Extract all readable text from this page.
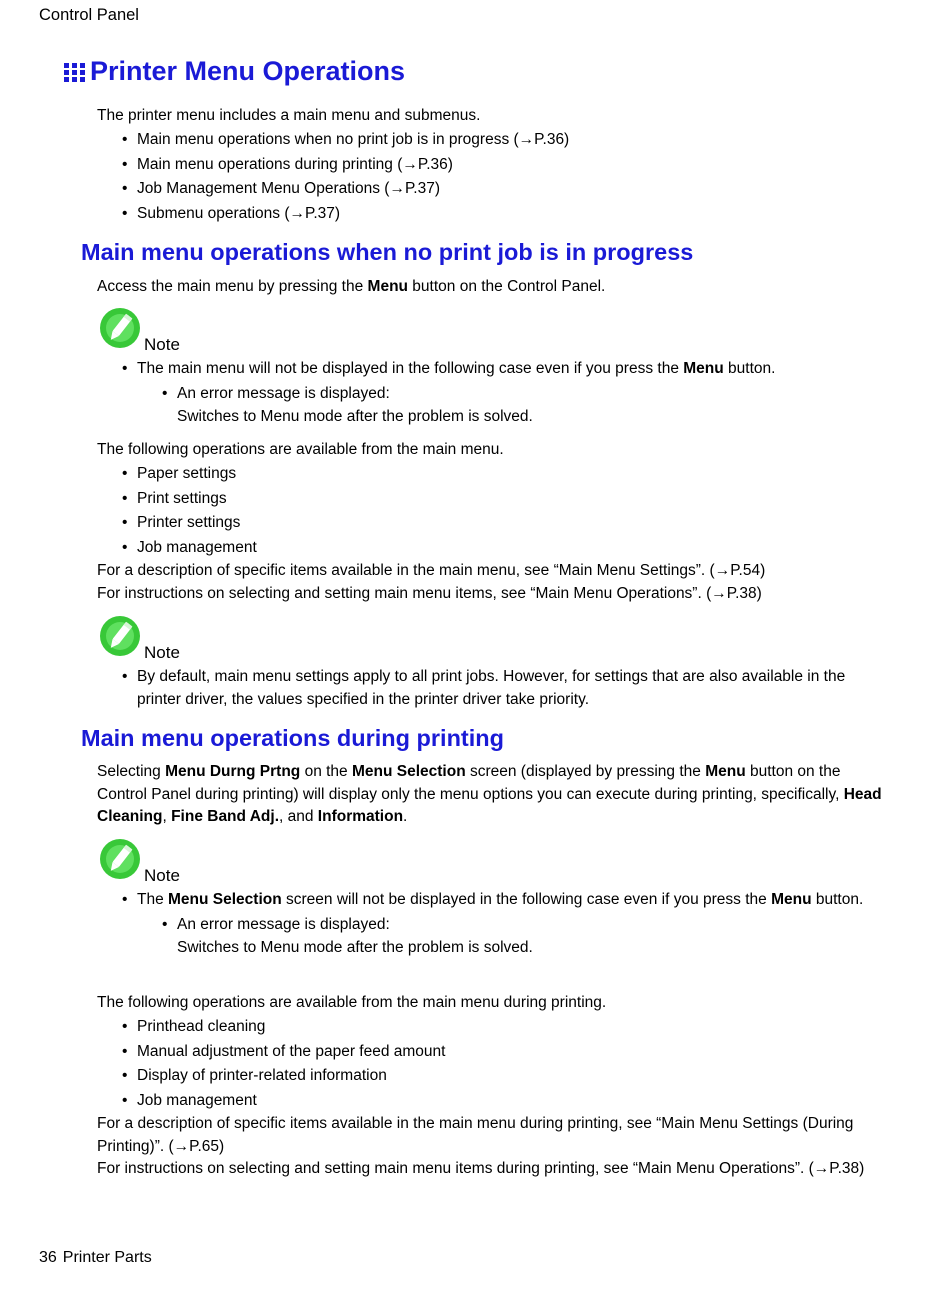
Control Panel
Printer Menu Operations

The printer menu includes a main menu and submenus.

• Main menu operations when no print job is in progress (→P.36)
• Main menu operations during printing (→P.36)
• Job Management Menu Operations (→P.37)
• Submenu operations (→P.37)
Main menu operations when no print job is in progress

Access the main menu by pressing the Menu button on the Control Panel.

Note
• The main menu will not be displayed in the following case even if you press the Menu button.
• An error message is displayed:
Switches to Menu mode after the problem is solved.

The following operations are available from the main menu.

• Paper settings
• Print settings
• Printer settings
• Job management

For a description of specific items available in the main menu, see “Main Menu Settings”. (→P.54)

For instructions on selecting and setting main menu items, see “Main Menu Operations”. (→P.38)

Note
• By default, main menu settings apply to all print jobs. However, for settings that are also available in the printer driver, the values specified in the printer driver take priority.
Main menu operations during printing

Selecting Menu Durng Prtng on the Menu Selection screen (displayed by pressing the Menu button on the Control Panel during printing) will display only the menu options you can execute during printing, specifically, Head Cleaning, Fine Band Adj., and Information.

Note
• The Menu Selection screen will not be displayed in the following case even if you press the Menu button.
• An error message is displayed:
Switches to Menu mode after the problem is solved.

The following operations are available from the main menu during printing.

• Printhead cleaning
• Manual adjustment of the paper feed amount
• Display of printer-related information
• Job management

For a description of specific items available in the main menu during printing, see “Main Menu Settings (During Printing)”. (→P.65)

For instructions on selecting and setting main menu items during printing, see “Main Menu Operations”. (→P.38)

36 Printer Parts
